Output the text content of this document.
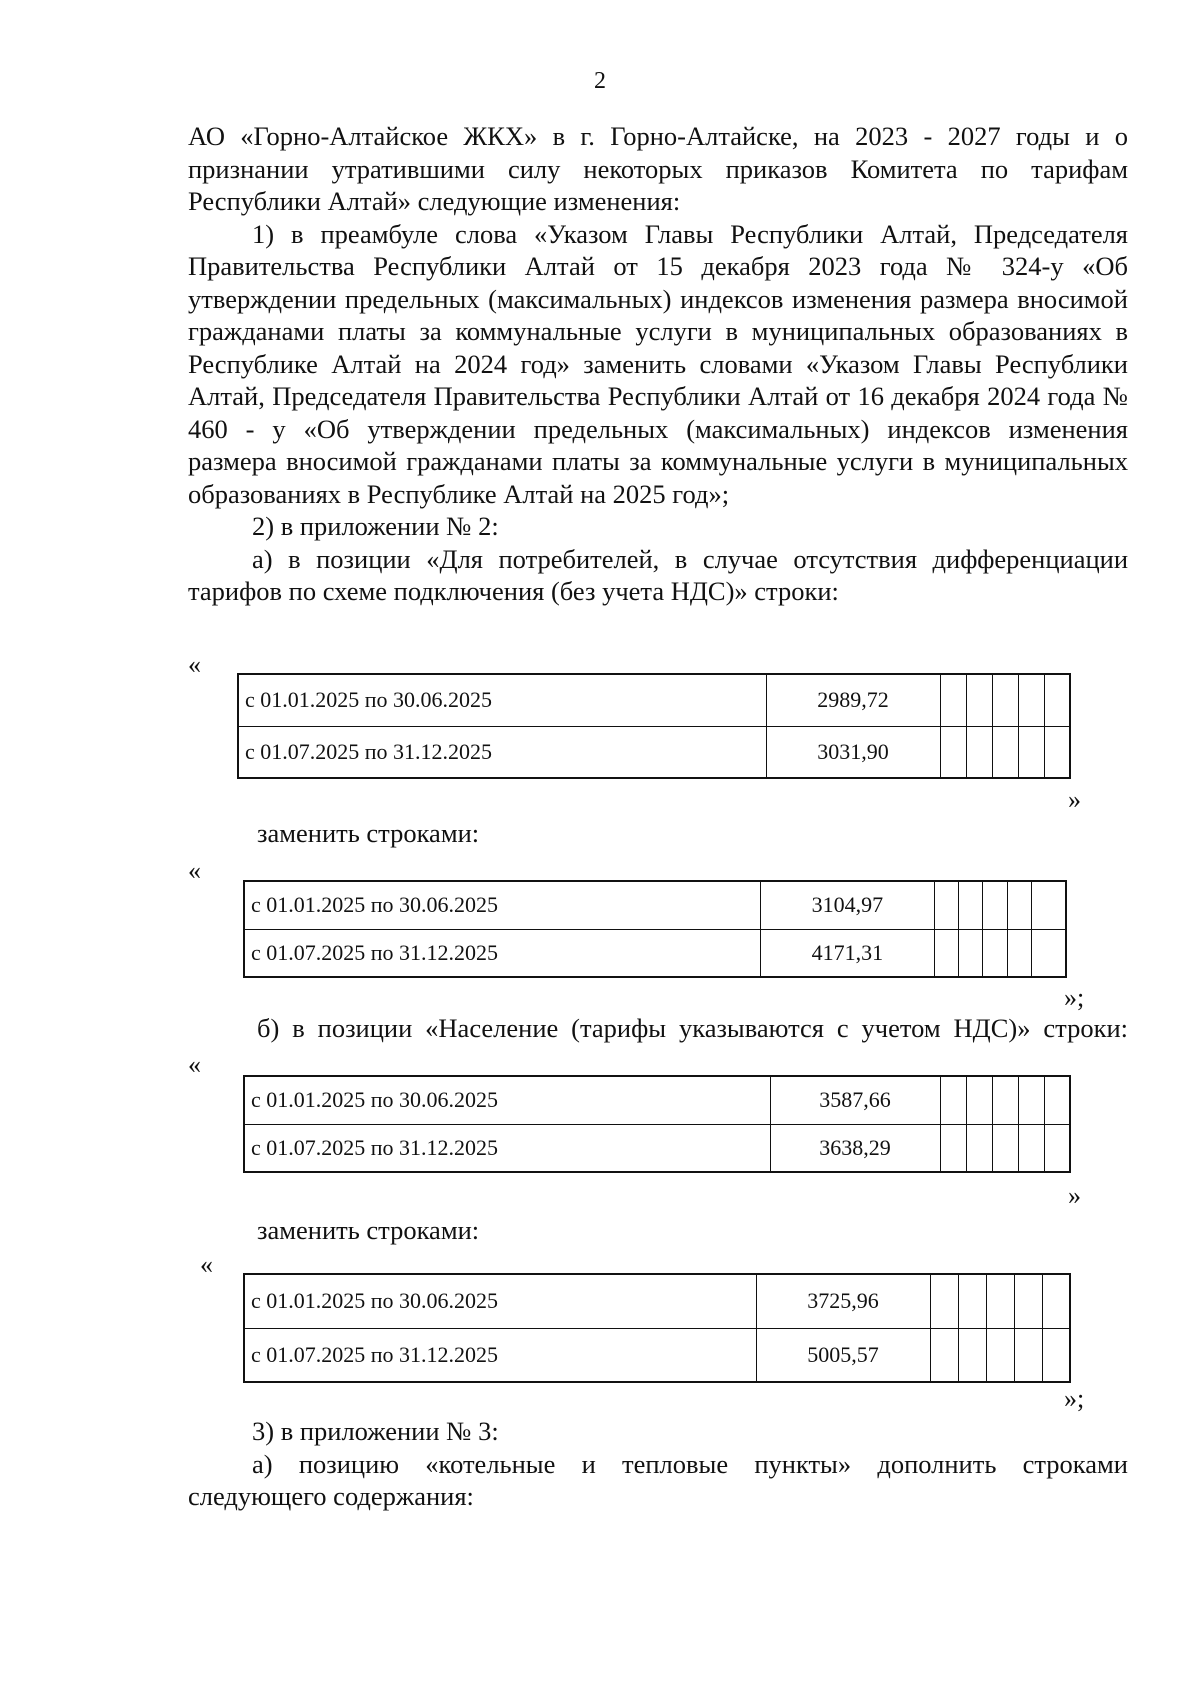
2

АО «Горно-Алтайское ЖКХ» в г. Горно-Алтайске, на 2023 - 2027 годы и о признании утратившими силу некоторых приказов Комитета по тарифам Республики Алтай» следующие изменения:

1) в преамбуле слова «Указом Главы Республики Алтай, Председателя Правительства Республики Алтай от 15 декабря 2023 года № 324-у «Об утверждении предельных (максимальных) индексов изменения размера вносимой гражданами платы за коммунальные услуги в муниципальных образованиях в Республике Алтай на 2024 год» заменить словами «Указом Главы Республики Алтай, Председателя Правительства Республики Алтай от 16 декабря 2024 года № 460 - у «Об утверждении предельных (максимальных) индексов изменения размера вносимой гражданами платы за коммунальные услуги в муниципальных образованиях в Республике Алтай на 2025 год»;

2) в приложении № 2:

а) в позиции «Для потребителей, в случае отсутствия дифференциации тарифов по схеме подключения (без учета НДС)» строки:

«
с 01.01.2025 по 30.06.2025	2989,72					
с 01.07.2025 по 31.12.2025	3031,90					
»
заменить строками:
«
с 01.01.2025 по 30.06.2025	3104,97					
с 01.07.2025 по 31.12.2025	4171,31					
»;

б) в позиции «Население (тарифы указываются с учетом НДС)» строки:

«
с 01.01.2025 по 30.06.2025	3587,66					
с 01.07.2025 по 31.12.2025	3638,29					
»
заменить строками:
«
с 01.01.2025 по 30.06.2025	3725,96					
с 01.07.2025 по 31.12.2025	5005,57					
»;

3) в приложении № 3:

а) позицию «котельные и тепловые пункты» дополнить строками следующего содержания:
